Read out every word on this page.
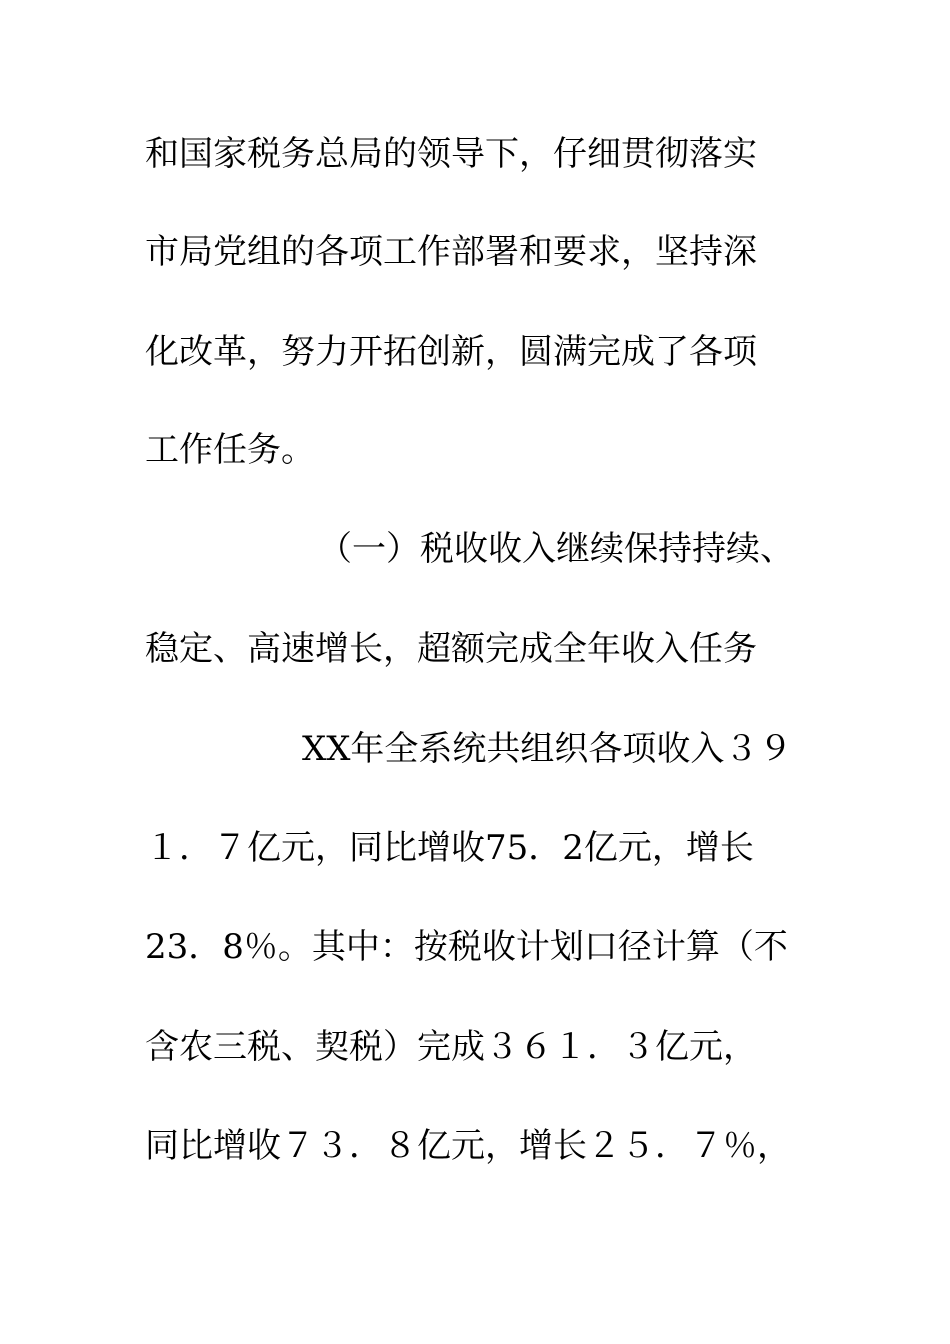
和国家税务总局的领导下，仔细贯彻落实
市局党组的各项工作部署和要求，坚持深
化改革，努力开拓创新，圆满完成了各项
工作任务。
（一）税收收入继续保持持续、
稳定、高速增长，超额完成全年收入任务
XX年全系统共组织各项收入３９
１．７亿元，同比增收75．2亿元，增长
23．8％。其中：按税收计划口径计算（不
含农三税、契税）完成３６１．３亿元，
同比增收７３．８亿元，增长２５．７％，
